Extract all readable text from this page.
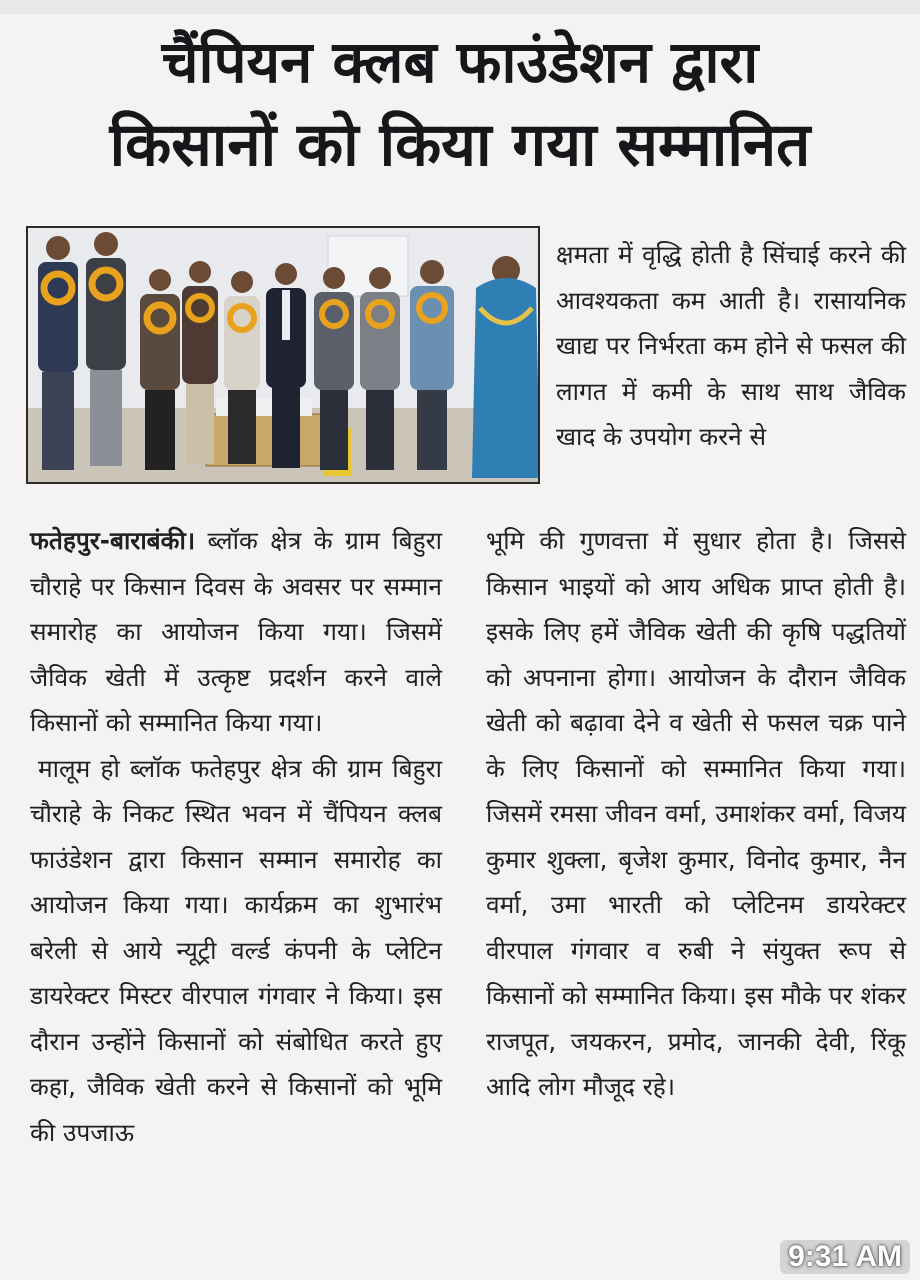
चैंपियन क्लब फाउंडेशन द्वारा
किसानों को किया गया सम्मानित

क्षमता में वृद्धि होती है सिंचाई करने की आवश्यकता कम आती है। रासायनिक खाद्य पर निर्भरता कम होने से फसल की लागत में कमी के साथ साथ जैविक खाद के उपयोग करने से

फतेहपुर-बाराबंकी। ब्लॉक क्षेत्र के ग्राम बिहुरा चौराहे पर किसान दिवस के अवसर पर सम्मान समारोह का आयोजन किया गया। जिसमें जैविक खेती में उत्कृष्ट प्रदर्शन करने वाले किसानों को सम्मानित किया गया।

मालूम हो ब्लॉक फतेहपुर क्षेत्र की ग्राम बिहुरा चौराहे के निकट स्थित भवन में चैंपियन क्लब फाउंडेशन द्वारा किसान सम्मान समारोह का आयोजन किया गया। कार्यक्रम का शुभारंभ बरेली से आये न्यूट्री वर्ल्ड कंपनी के प्लेटिन डायरेक्टर मिस्टर वीरपाल गंगवार ने किया। इस दौरान उन्होंने किसानों को संबोधित करते हुए कहा, जैविक खेती करने से किसानों को भूमि की उपजाऊ

भूमि की गुणवत्ता में सुधार होता है। जिससे किसान भाइयों को आय अधिक प्राप्त होती है। इसके लिए हमें जैविक खेती की कृषि पद्धतियों को अपनाना होगा। आयोजन के दौरान जैविक खेती को बढ़ावा देने व खेती से फसल चक्र पाने के लिए किसानों को सम्मानित किया गया। जिसमें रमसा जीवन वर्मा, उमाशंकर वर्मा, विजय कुमार शुक्ला, बृजेश कुमार, विनोद कुमार, नैन वर्मा, उमा भारती को प्लेटिनम डायरेक्टर वीरपाल गंगवार व रुबी ने संयुक्त रूप से किसानों को सम्मानित किया। इस मौके पर शंकर राजपूत, जयकरन, प्रमोद, जानकी देवी, रिंकू आदि लोग मौजूद रहे।

9:31 AM
